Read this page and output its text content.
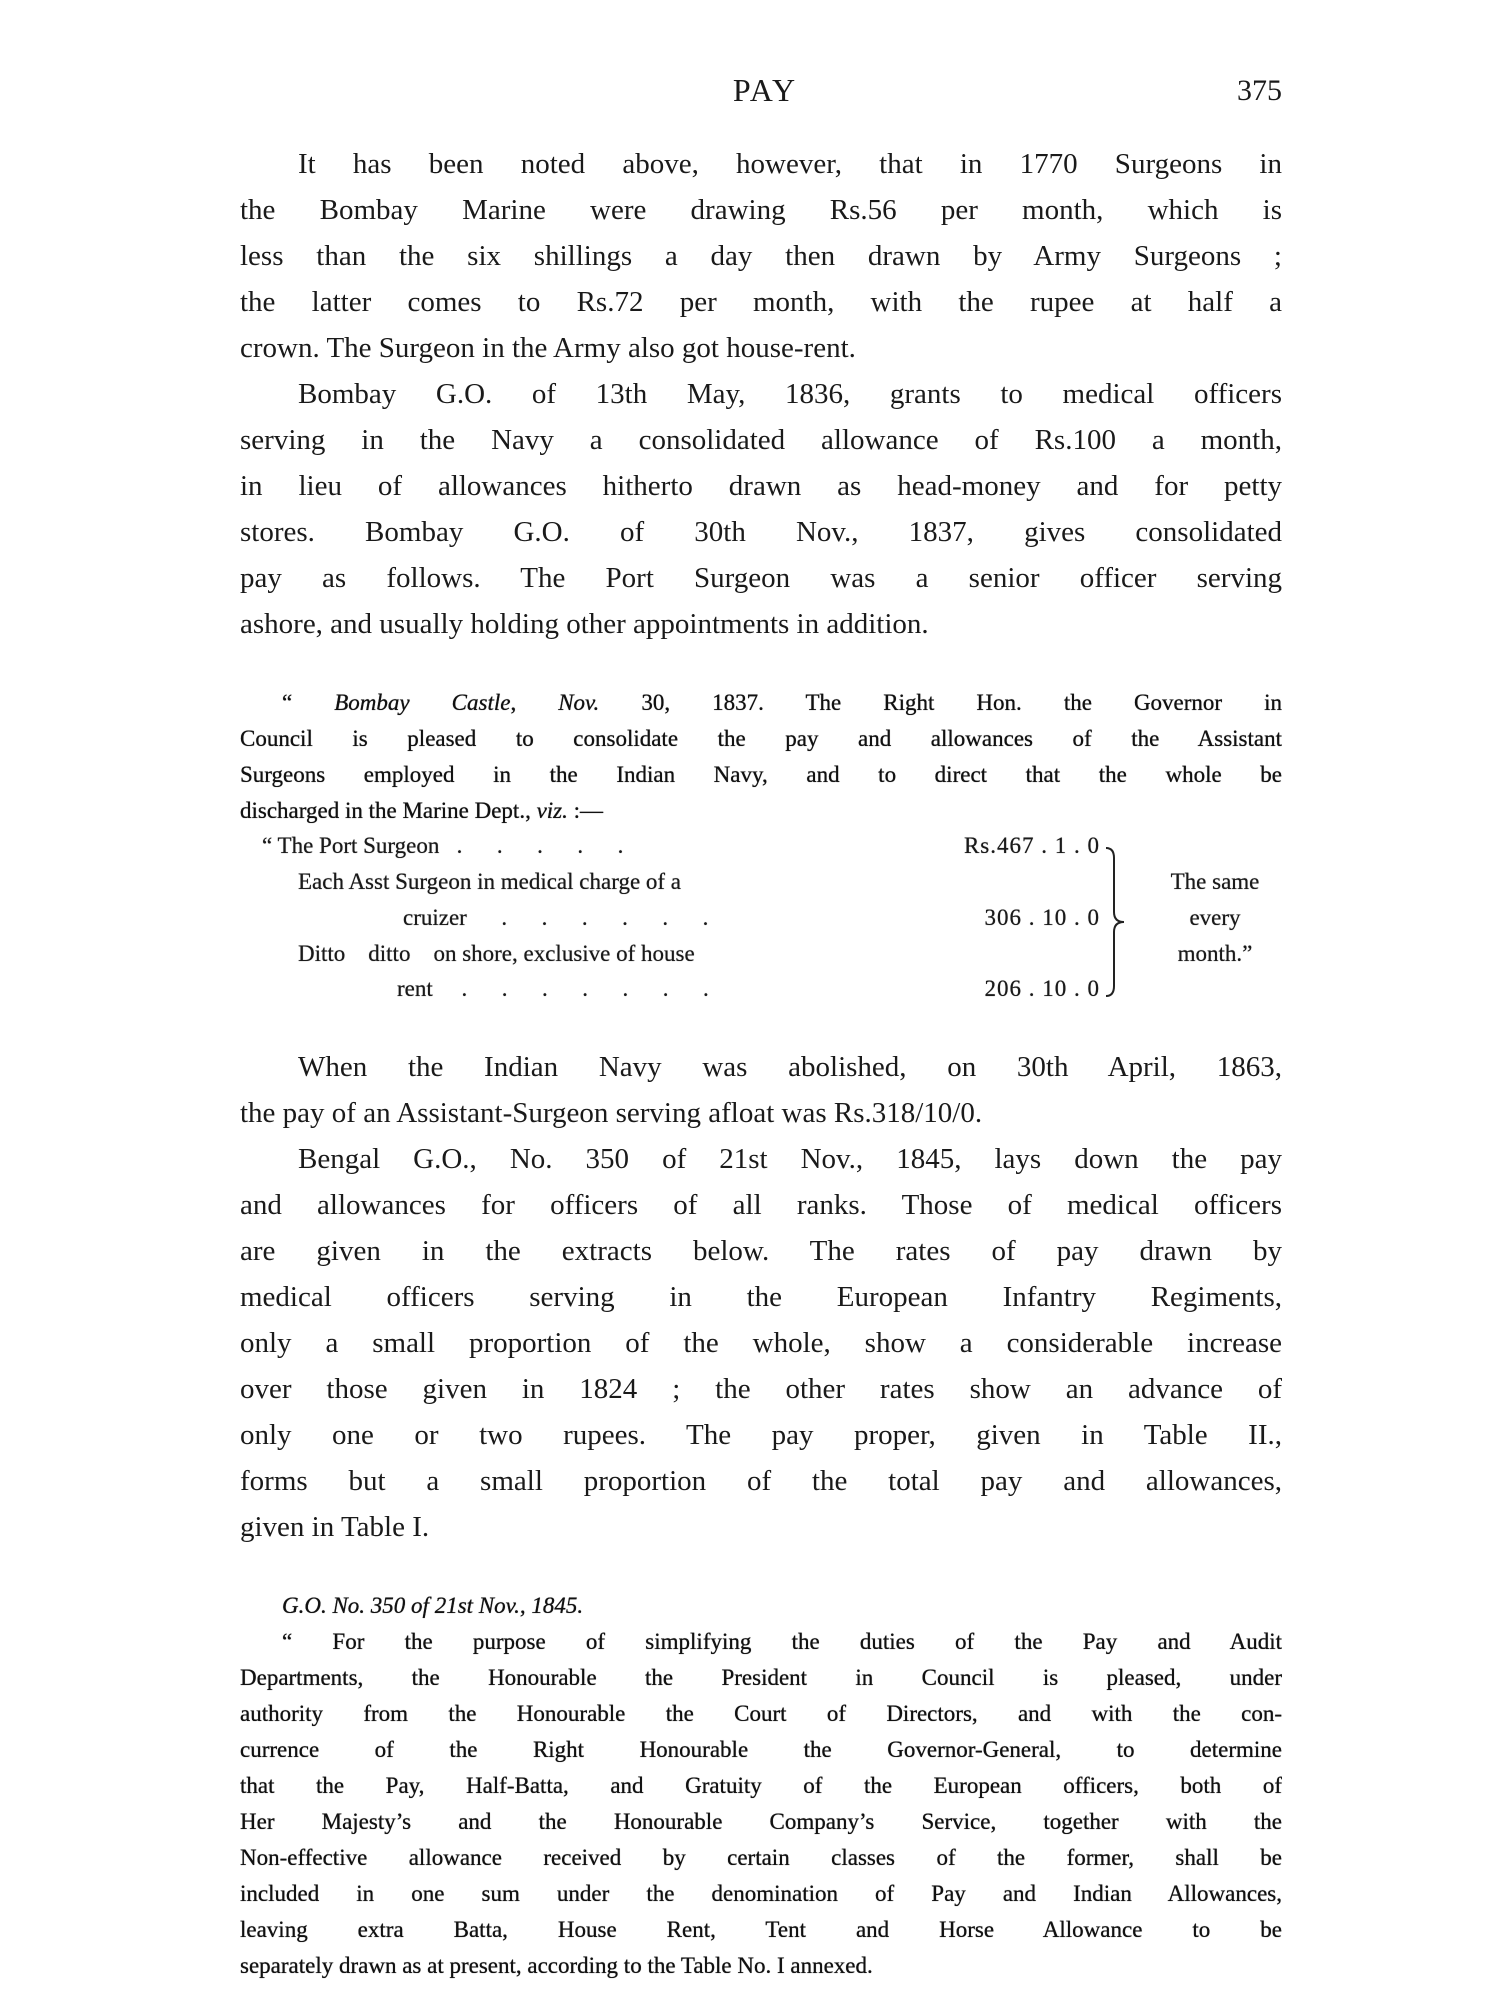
PAY	375
It has been noted above, however, that in 1770 Surgeons in
the Bombay Marine were drawing Rs.56 per month, which is
less than the six shillings a day then drawn by Army Surgeons ;
the latter comes to Rs.72 per month, with the rupee at half a
crown. The Surgeon in the Army also got house-rent.
Bombay G.O. of 13th May, 1836, grants to medical officers
serving in the Navy a consolidated allowance of Rs.100 a month,
in lieu of allowances hitherto drawn as head-money and for petty
stores. Bombay G.O. of 30th Nov., 1837, gives consolidated
pay as follows. The Port Surgeon was a senior officer serving
ashore, and usually holding other appointments in addition.
“ Bombay Castle, Nov. 30, 1837. The Right Hon. the Governor in
Council is pleased to consolidate the pay and allowances of the Assistant
Surgeons employed in the Indian Navy, and to direct that the whole be
discharged in the Marine Dept., viz. :—
“ The Port Surgeon   .      .      .      .      .	Rs.467 . 1 . 0
Each Asst Surgeon in medical charge of a
cruizer      .      .      .      .      .      .	306 . 10 . 0
Ditto    ditto    on shore, exclusive of house
rent     .      .      .      .      .      .      .	206 . 10 . 0
The same
every
month.”
When the Indian Navy was abolished, on 30th April, 1863,
the pay of an Assistant-Surgeon serving afloat was Rs.318/10/0.
Bengal G.O., No. 350 of 21st Nov., 1845, lays down the pay
and allowances for officers of all ranks. Those of medical officers
are given in the extracts below. The rates of pay drawn by
medical officers serving in the European Infantry Regiments,
only a small proportion of the whole, show a considerable increase
over those given in 1824 ; the other rates show an advance of
only one or two rupees. The pay proper, given in Table II.,
forms but a small proportion of the total pay and allowances,
given in Table I.
G.O. No. 350 of 21st Nov., 1845.
“ For the purpose of simplifying the duties of the Pay and Audit
Departments, the Honourable the President in Council is pleased, under
authority from the Honourable the Court of Directors, and with the con-
currence of the Right Honourable the Governor-General, to determine
that the Pay, Half-Batta, and Gratuity of the European officers, both of
Her Majesty’s and the Honourable Company’s Service, together with the
Non-effective allowance received by certain classes of the former, shall be
included in one sum under the denomination of Pay and Indian Allowances,
leaving extra Batta, House Rent, Tent and Horse Allowance to be
separately drawn as at present, according to the Table No. I annexed.
